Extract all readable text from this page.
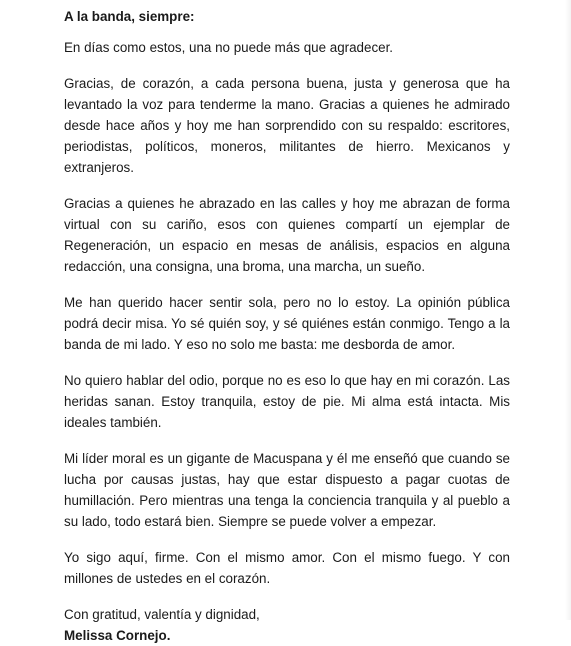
A la banda, siempre:

En días como estos, una no puede más que agradecer.

Gracias, de corazón, a cada persona buena, justa y generosa que ha levantado la voz para tenderme la mano. Gracias a quienes he admirado desde hace años y hoy me han sorprendido con su respaldo: escritores, periodistas, políticos, moneros, militantes de hierro. Mexicanos y extranjeros.

Gracias a quienes he abrazado en las calles y hoy me abrazan de forma virtual con su cariño, esos con quienes compartí un ejemplar de Regeneración, un espacio en mesas de análisis, espacios en alguna redacción, una consigna, una broma, una marcha, un sueño.

Me han querido hacer sentir sola, pero no lo estoy. La opinión pública podrá decir misa. Yo sé quién soy, y sé quiénes están conmigo. Tengo a la banda de mi lado. Y eso no solo me basta: me desborda de amor.

No quiero hablar del odio, porque no es eso lo que hay en mi corazón. Las heridas sanan. Estoy tranquila, estoy de pie. Mi alma está intacta. Mis ideales también.

Mi líder moral es un gigante de Macuspana y él me enseñó que cuando se lucha por causas justas, hay que estar dispuesto a pagar cuotas de humillación. Pero mientras una tenga la conciencia tranquila y al pueblo a su lado, todo estará bien. Siempre se puede volver a empezar.

Yo sigo aquí, firme. Con el mismo amor. Con el mismo fuego. Y con millones de ustedes en el corazón.

Con gratitud, valentía y dignidad,

Melissa Cornejo.
